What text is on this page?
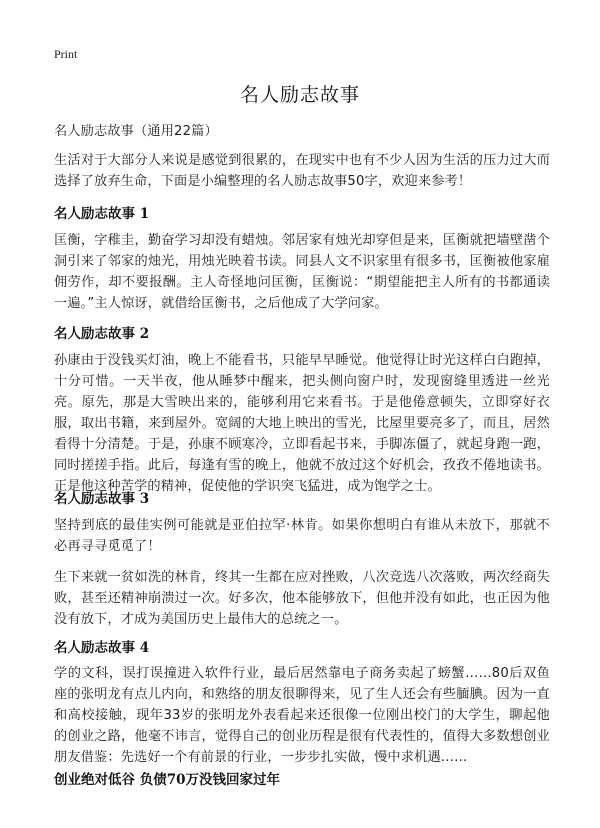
Print
名人励志故事
名人励志故事（通用22篇）
生活对于大部分人来说是感觉到很累的，在现实中也有不少人因为生活的压力过大而选择了放弃生命，下面是小编整理的名人励志故事50字，欢迎来参考！
名人励志故事 1
匡衡，字稚圭，勤奋学习却没有蜡烛。邻居家有烛光却穿但是来，匡衡就把墙壁凿个洞引来了邻家的烛光，用烛光映着书读。同县人文不识家里有很多书，匡衡被他家雇佣劳作，却不要报酬。主人奇怪地问匡衡，匡衡说：“期望能把主人所有的书都通读一遍。”主人惊讶，就借给匡衡书，之后他成了大学问家。
名人励志故事 2
孙康由于没钱买灯油，晚上不能看书，只能早早睡觉。他觉得让时光这样白白跑掉，十分可惜。一天半夜，他从睡梦中醒来，把头侧向窗户时，发现窗缝里透进一丝光亮。原先，那是大雪映出来的，能够利用它来看书。于是他倦意顿失，立即穿好衣服，取出书籍，来到屋外。宽阔的大地上映出的雪光，比屋里要亮多了，而且，居然看得十分清楚。于是，孙康不顾寒冷，立即看起书来，手脚冻僵了，就起身跑一跑，同时搓搓手指。此后，每逢有雪的晚上，他就不放过这个好机会，孜孜不倦地读书。正是他这种苦学的精神，促使他的学识突飞猛进，成为饱学之士。
名人励志故事 3
坚持到底的最佳实例可能就是亚伯拉罕·林肯。如果你想明白有谁从未放下，那就不必再寻寻觅觅了！
生下来就一贫如洗的林肯，终其一生都在应对挫败，八次竞选八次落败，两次经商失败，甚至还精神崩溃过一次。好多次，他本能够放下，但他并没有如此，也正因为他没有放下，才成为美国历史上最伟大的总统之一。
名人励志故事 4
学的文科，误打误撞进入软件行业，最后居然靠电子商务卖起了螃蟹……80后双鱼座的张明龙有点儿内向，和熟络的朋友很聊得来，见了生人还会有些腼腆。因为一直和高校接触，现年33岁的张明龙外表看起来还很像一位刚出校门的大学生，聊起他的创业之路，他毫不讳言，觉得自己的创业历程是很有代表性的，值得大多数想创业朋友借鉴：先选好一个有前景的行业，一步步扎实做，慢中求机遇……
创业绝对低谷 负债70万没钱回家过年
